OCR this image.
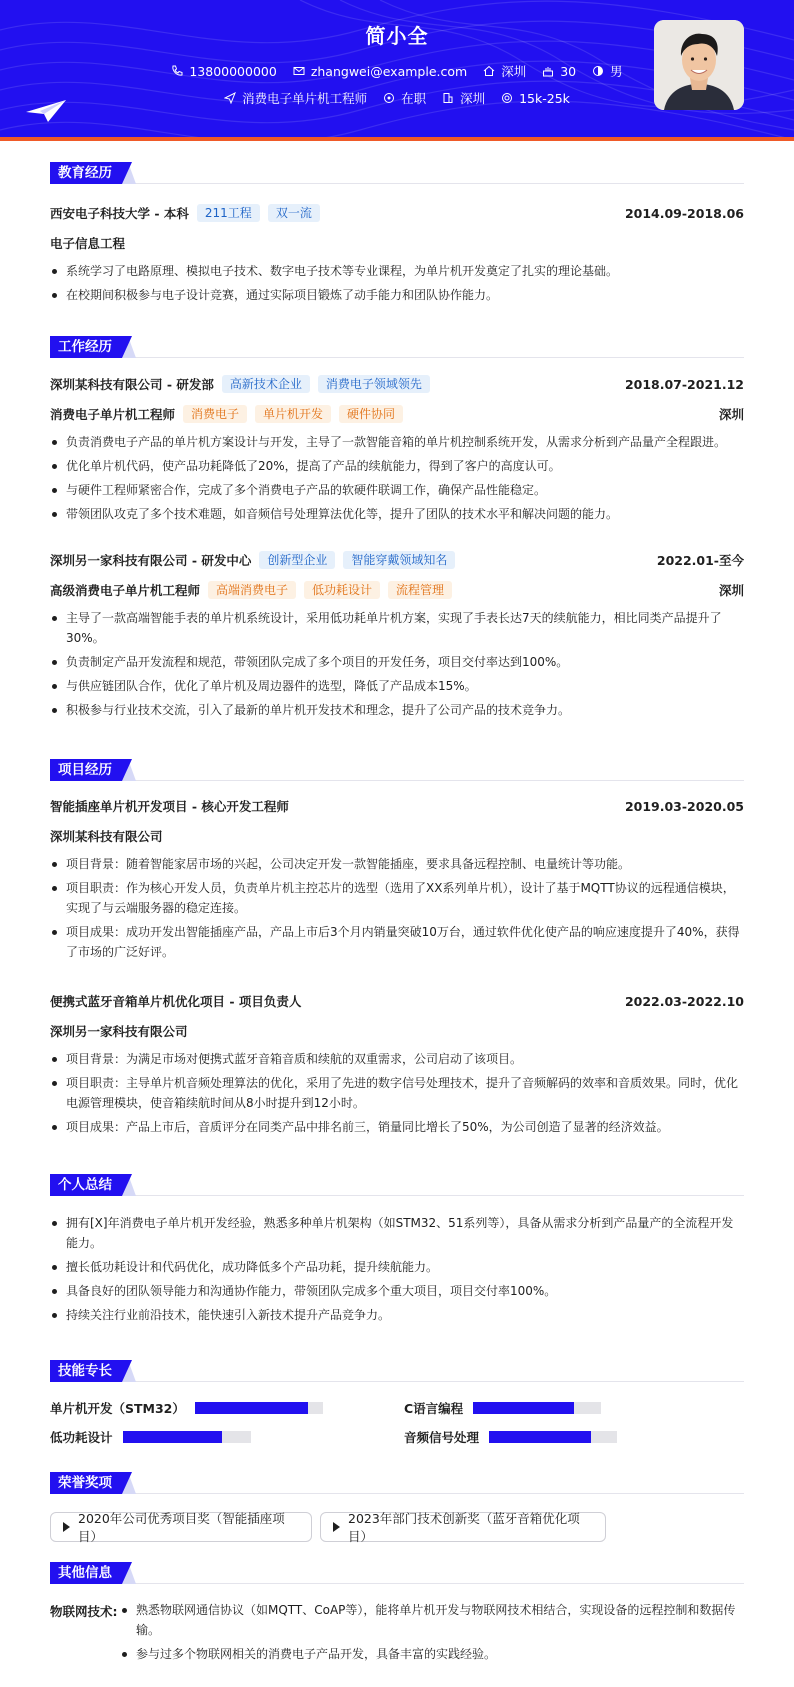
简小全
13800000000	zhangwei@example.com	深圳	30	男
消费电子单片机工程师	在职	深圳	15k-25k
教育经历
西安电子科技大学 - 本科	211工程	双一流	2014.09-2018.06
电子信息工程
系统学习了电路原理、模拟电子技术、数字电子技术等专业课程，为单片机开发奠定了扎实的理论基础。
在校期间积极参与电子设计竞赛，通过实际项目锻炼了动手能力和团队协作能力。
工作经历
深圳某科技有限公司 - 研发部	高新技术企业	消费电子领域领先	2018.07-2021.12
消费电子单片机工程师	消费电子	单片机开发	硬件协同	深圳
负责消费电子产品的单片机方案设计与开发，主导了一款智能音箱的单片机控制系统开发，从需求分析到产品量产全程跟进。
优化单片机代码，使产品功耗降低了20%，提高了产品的续航能力，得到了客户的高度认可。
与硬件工程师紧密合作，完成了多个消费电子产品的软硬件联调工作，确保产品性能稳定。
带领团队攻克了多个技术难题，如音频信号处理算法优化等，提升了团队的技术水平和解决问题的能力。
深圳另一家科技有限公司 - 研发中心	创新型企业	智能穿戴领域知名	2022.01-至今
高级消费电子单片机工程师	高端消费电子	低功耗设计	流程管理	深圳
主导了一款高端智能手表的单片机系统设计，采用低功耗单片机方案，实现了手表长达7天的续航能力，相比同类产品提升了30%。
负责制定产品开发流程和规范，带领团队完成了多个项目的开发任务，项目交付率达到100%。
与供应链团队合作，优化了单片机及周边器件的选型，降低了产品成本15%。
积极参与行业技术交流，引入了最新的单片机开发技术和理念，提升了公司产品的技术竞争力。
项目经历
智能插座单片机开发项目 - 核心开发工程师	2019.03-2020.05
深圳某科技有限公司
项目背景：随着智能家居市场的兴起，公司决定开发一款智能插座，要求具备远程控制、电量统计等功能。
项目职责：作为核心开发人员，负责单片机主控芯片的选型（选用了XX系列单片机），设计了基于MQTT协议的远程通信模块，实现了与云端服务器的稳定连接。
项目成果：成功开发出智能插座产品，产品上市后3个月内销量突破10万台，通过软件优化使产品的响应速度提升了40%，获得了市场的广泛好评。
便携式蓝牙音箱单片机优化项目 - 项目负责人	2022.03-2022.10
深圳另一家科技有限公司
项目背景：为满足市场对便携式蓝牙音箱音质和续航的双重需求，公司启动了该项目。
项目职责：主导单片机音频处理算法的优化，采用了先进的数字信号处理技术，提升了音频解码的效率和音质效果。同时，优化电源管理模块，使音箱续航时间从8小时提升到12小时。
项目成果：产品上市后，音质评分在同类产品中排名前三，销量同比增长了50%，为公司创造了显著的经济效益。
个人总结
拥有[X]年消费电子单片机开发经验，熟悉多种单片机架构（如STM32、51系列等），具备从需求分析到产品量产的全流程开发能力。
擅长低功耗设计和代码优化，成功降低多个产品功耗，提升续航能力。
具备良好的团队领导能力和沟通协作能力，带领团队完成多个重大项目，项目交付率100%。
持续关注行业前沿技术，能快速引入新技术提升产品竞争力。
技能专长
单片机开发（STM32）	C语言编程
低功耗设计	音频信号处理
荣誉奖项
2020年公司优秀项目奖（智能插座项目）
2023年部门技术创新奖（蓝牙音箱优化项目）
其他信息
物联网技术:	熟悉物联网通信协议（如MQTT、CoAP等），能将单片机开发与物联网技术相结合，实现设备的远程控制和数据传输。
参与过多个物联网相关的消费电子产品开发，具备丰富的实践经验。
